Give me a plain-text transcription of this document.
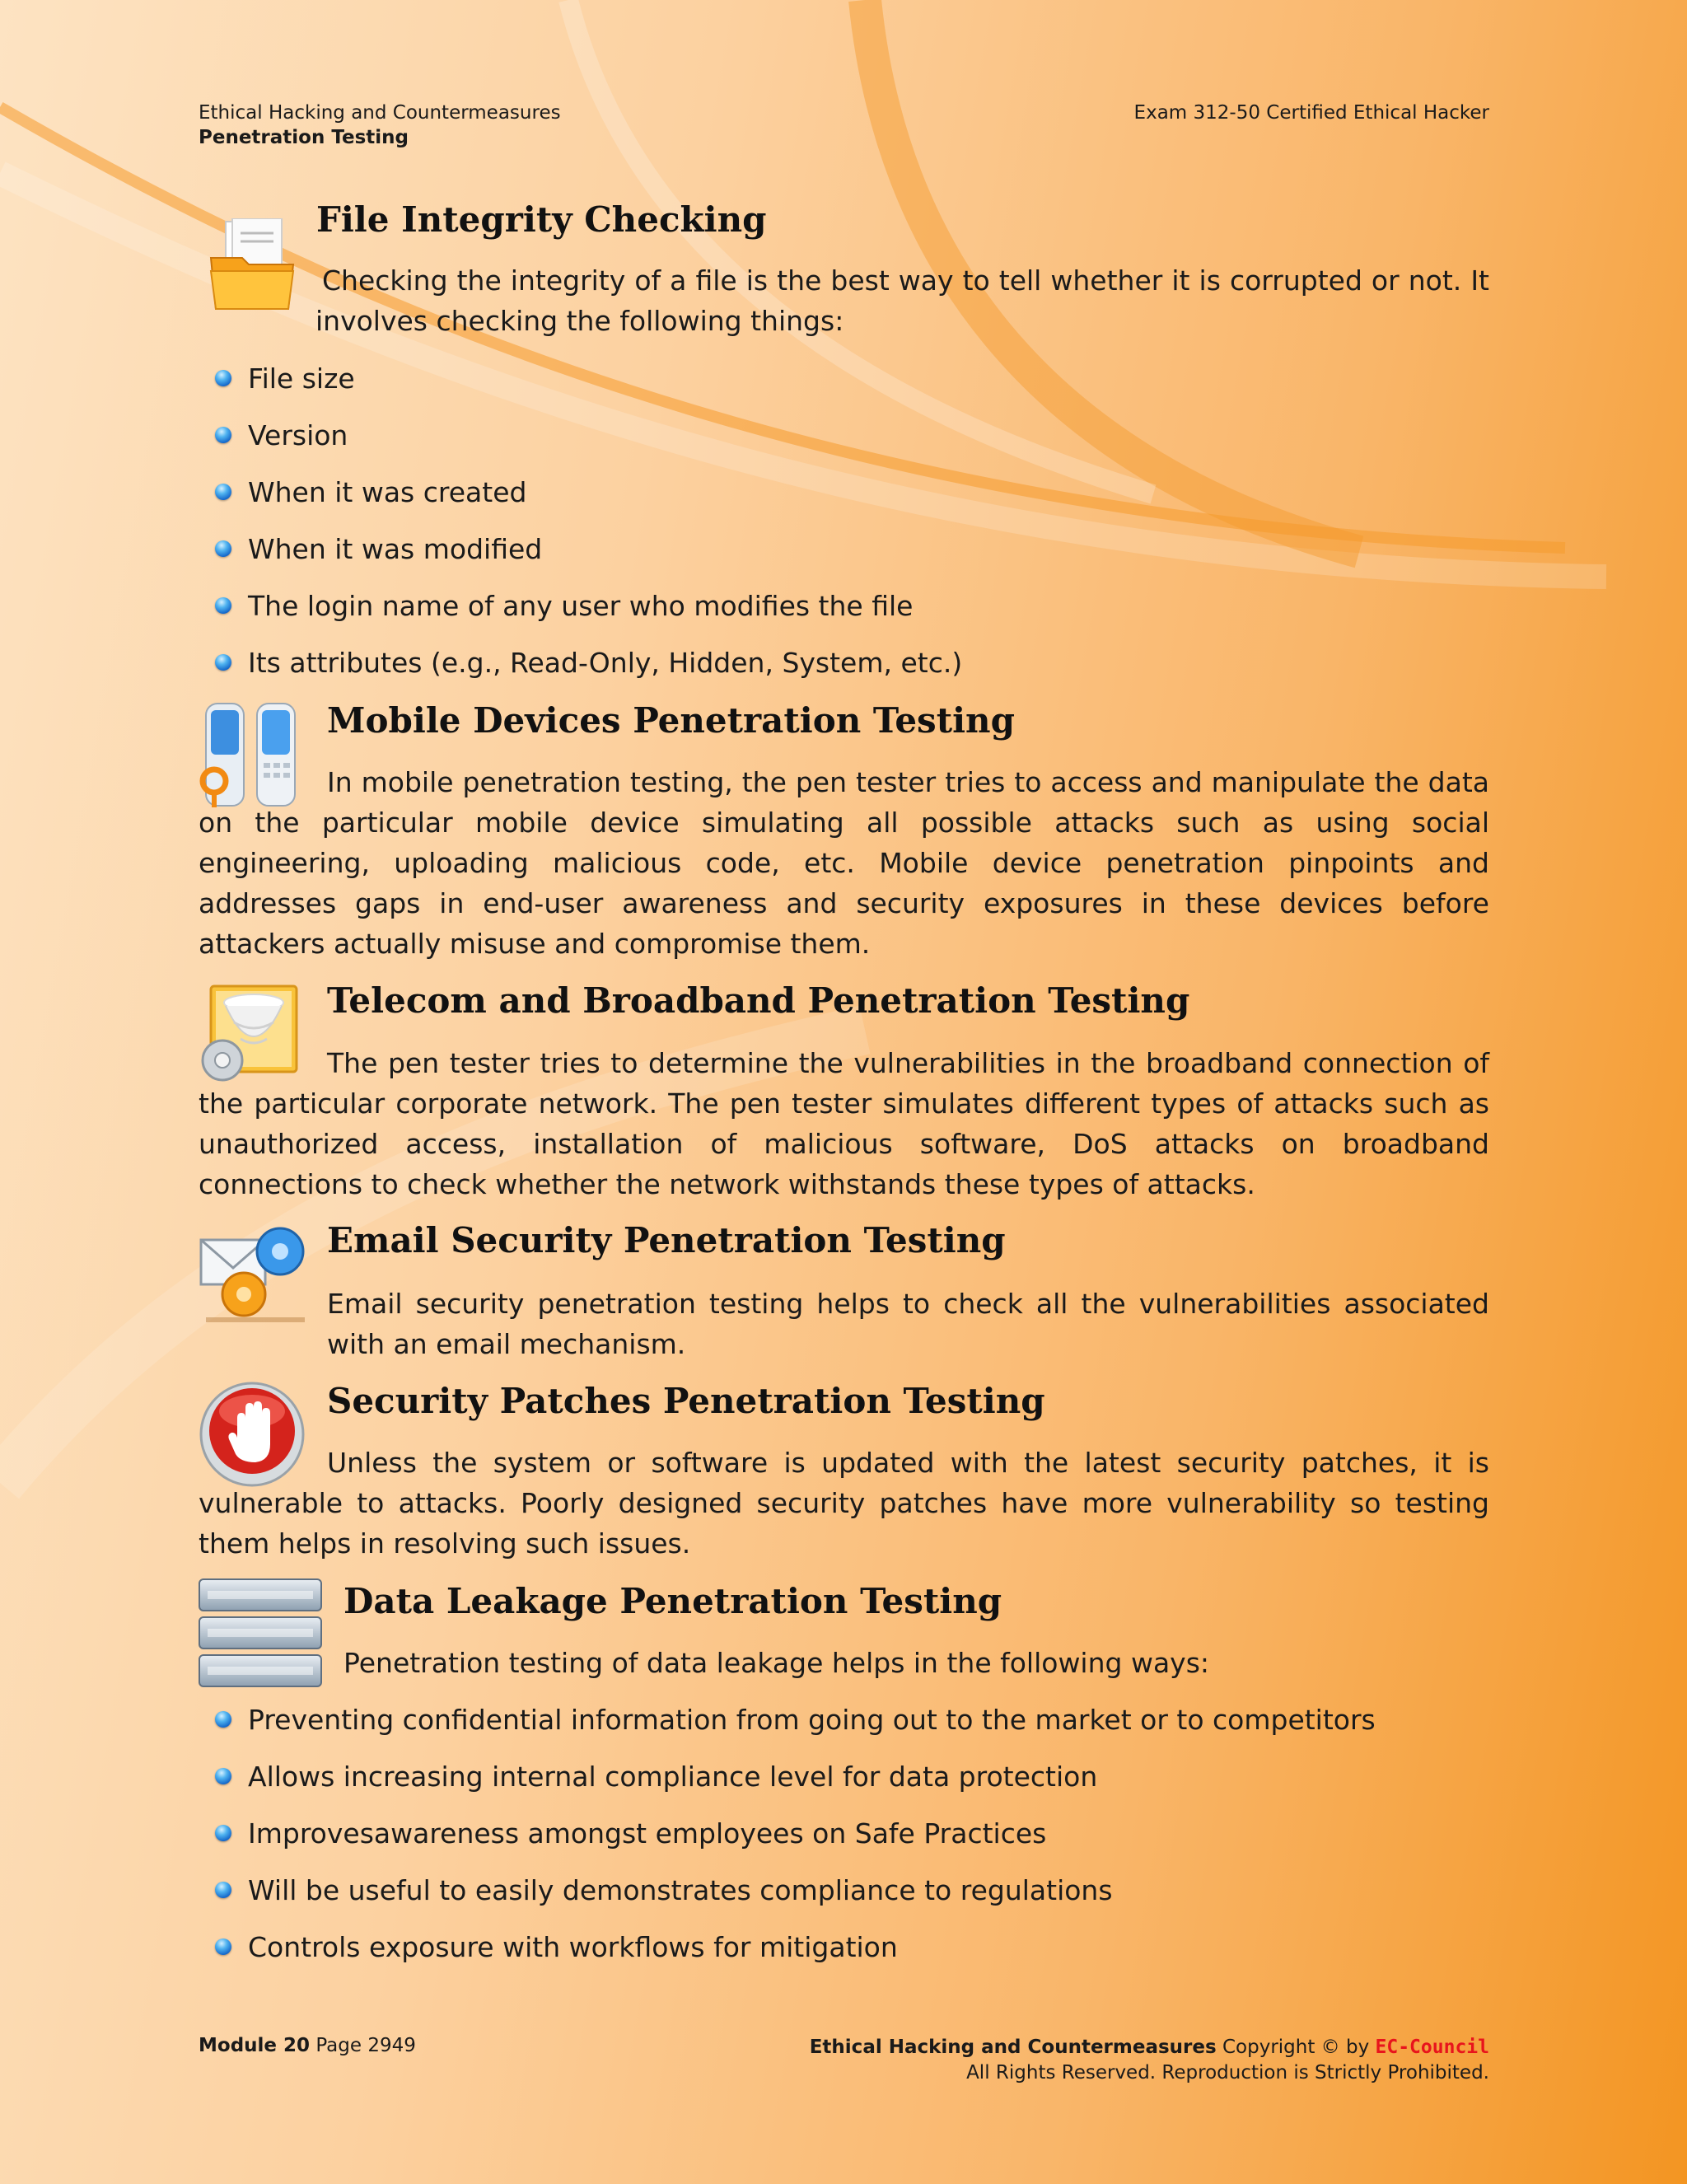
Ethical Hacking and Countermeasures
Penetration Testing
Exam 312-50 Certified Ethical Hacker
File Integrity Checking
Checking the integrity of a file is the best way to tell whether it is corrupted or not. It involves checking the following things:
File size
Version
When it was created
When it was modified
The login name of any user who modifies the file
Its attributes (e.g., Read-Only, Hidden, System, etc.)
Mobile Devices Penetration Testing
In mobile penetration testing, the pen tester tries to access and manipulate the data on the particular mobile device simulating all possible attacks such as using social engineering, uploading malicious code, etc. Mobile device penetration pinpoints and addresses gaps in end-user awareness and security exposures in these devices before attackers actually misuse and compromise them.
Telecom and Broadband Penetration Testing
The pen tester tries to determine the vulnerabilities in the broadband connection of the particular corporate network. The pen tester simulates different types of attacks such as unauthorized access, installation of malicious software, DoS attacks on broadband connections to check whether the network withstands these types of attacks.
Email Security Penetration Testing
Email security penetration testing helps to check all the vulnerabilities associated with an email mechanism.
Security Patches Penetration Testing
Unless the system or software is updated with the latest security patches, it is vulnerable to attacks. Poorly designed security patches have more vulnerability so testing them helps in resolving such issues.
Data Leakage Penetration Testing
Penetration testing of data leakage helps in the following ways:
Preventing confidential information from going out to the market or to competitors
Allows increasing internal compliance level for data protection
Improvesawareness amongst employees on Safe Practices
Will be useful to easily demonstrates compliance to regulations
Controls exposure with workflows for mitigation
Module 20 Page 2949	Ethical Hacking and Countermeasures Copyright © by EC-Council
All Rights Reserved. Reproduction is Strictly Prohibited.
